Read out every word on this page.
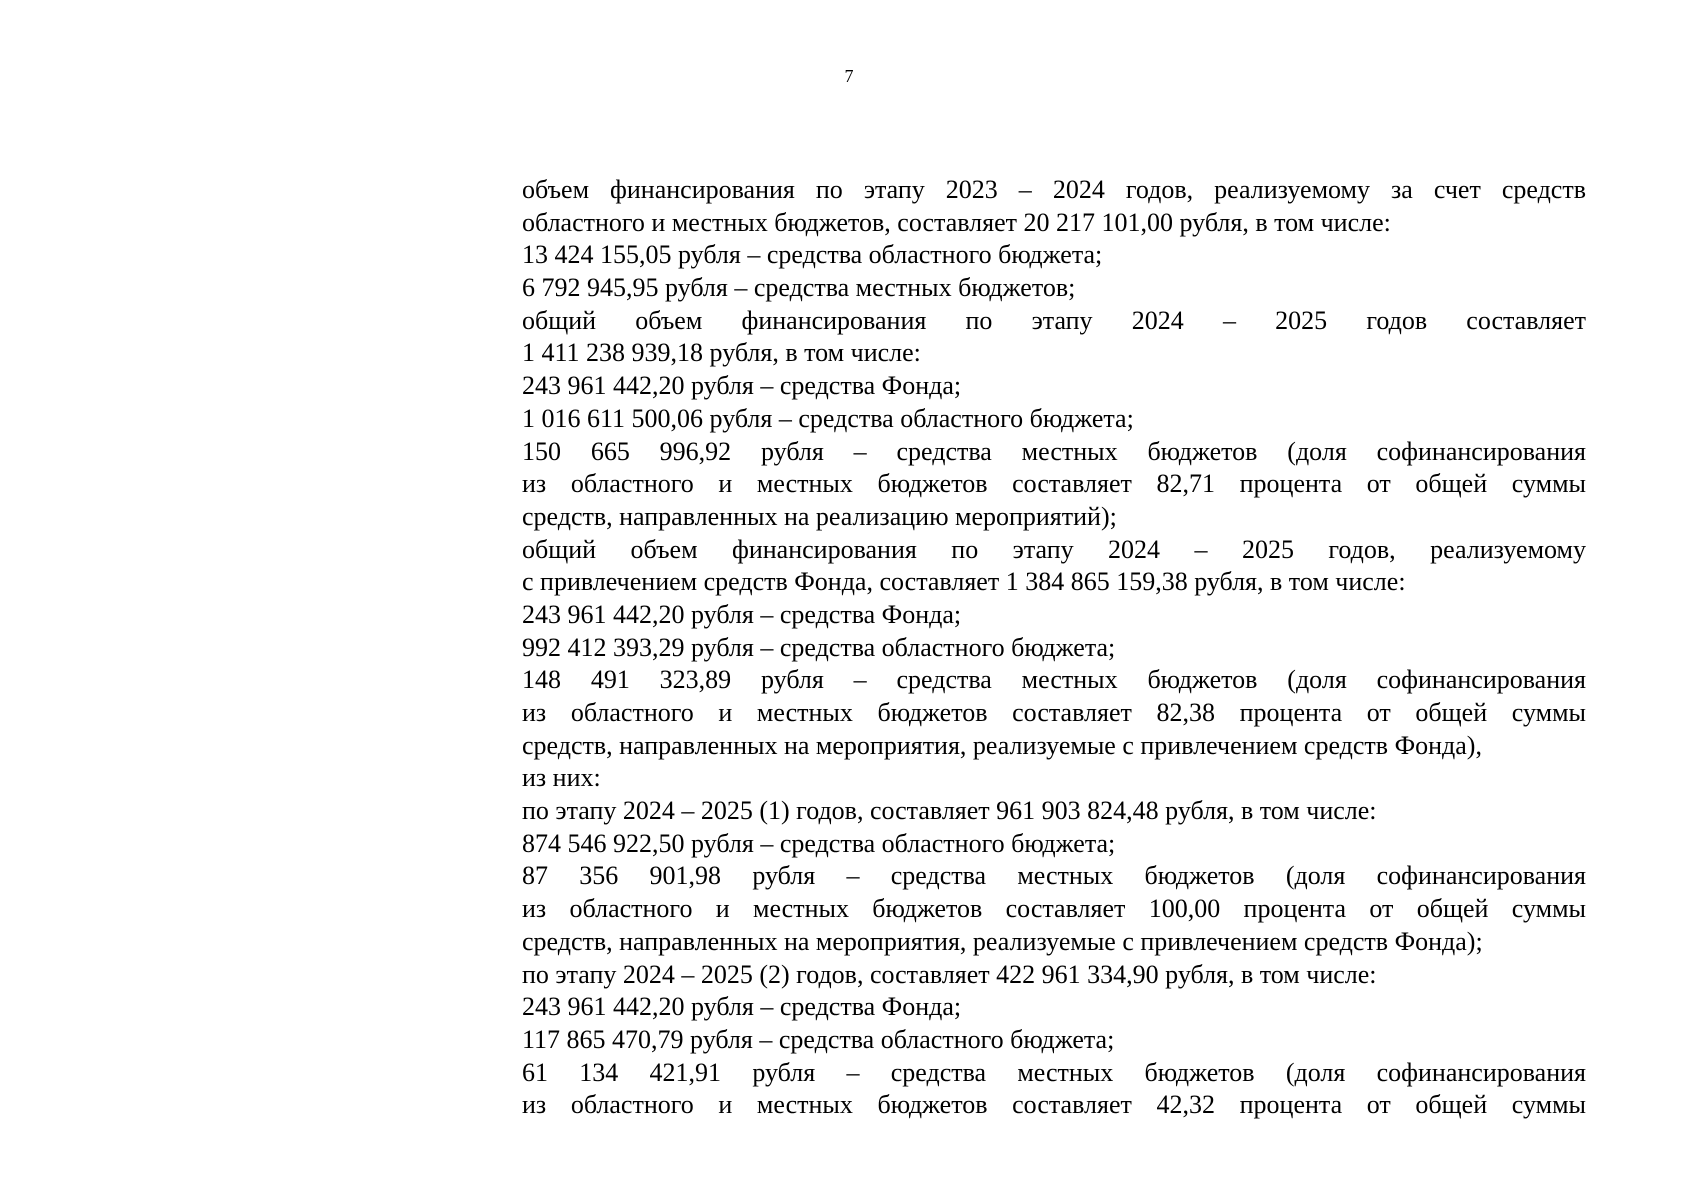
7
объем финансирования по этапу 2023 – 2024 годов, реализуемому за счет средств
областного и местных бюджетов, составляет 20 217 101,00 рубля, в том числе:
13 424 155,05 рубля – средства областного бюджета;
6 792 945,95 рубля – средства местных бюджетов;
общий объем финансирования по этапу 2024 – 2025 годов составляет
1 411 238 939,18 рубля, в том числе:
243 961 442,20 рубля – средства Фонда;
1 016 611 500,06 рубля – средства областного бюджета;
150 665 996,92 рубля – средства местных бюджетов (доля софинансирования
из областного и местных бюджетов составляет 82,71 процента от общей суммы
средств, направленных на реализацию мероприятий);
общий объем финансирования по этапу 2024 – 2025 годов, реализуемому
с привлечением средств Фонда, составляет 1 384 865 159,38 рубля, в том числе:
243 961 442,20 рубля – средства Фонда;
992 412 393,29 рубля – средства областного бюджета;
148 491 323,89 рубля – средства местных бюджетов (доля софинансирования
из областного и местных бюджетов составляет 82,38 процента от общей суммы
средств, направленных на мероприятия, реализуемые с привлечением средств Фонда),
из них:
по этапу 2024 – 2025 (1) годов, составляет 961 903 824,48 рубля, в том числе:
874 546 922,50 рубля – средства областного бюджета;
87 356 901,98 рубля – средства местных бюджетов (доля софинансирования
из областного и местных бюджетов составляет 100,00 процента от общей суммы
средств, направленных на мероприятия, реализуемые с привлечением средств Фонда);
по этапу 2024 – 2025 (2) годов, составляет 422 961 334,90 рубля, в том числе:
243 961 442,20 рубля – средства Фонда;
117 865 470,79 рубля – средства областного бюджета;
61 134 421,91 рубля – средства местных бюджетов (доля софинансирования
из областного и местных бюджетов составляет 42,32 процента от общей суммы
